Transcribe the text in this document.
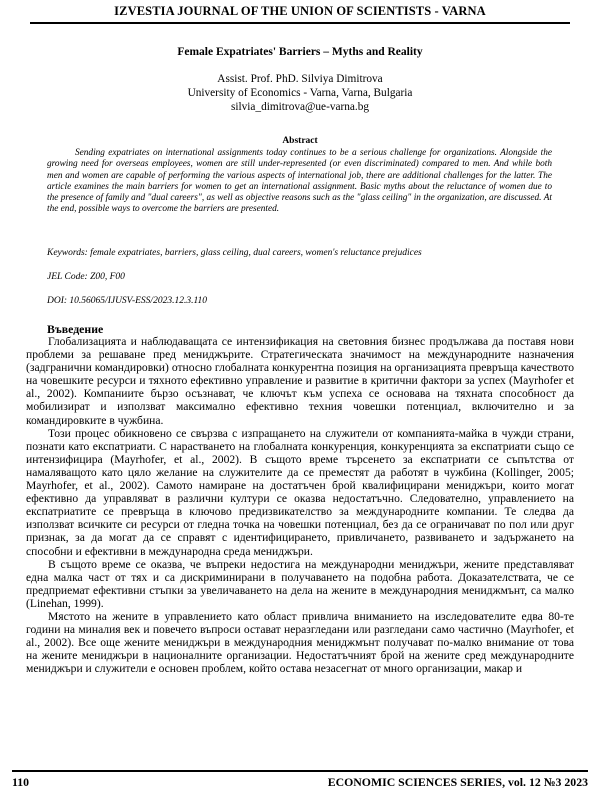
IZVESTIA JOURNAL OF THE UNION OF SCIENTISTS - VARNA
Female Expatriates' Barriers – Myths and Reality
Assist. Prof. PhD. Silviya Dimitrova
University of Economics - Varna, Varna, Bulgaria
silvia_dimitrova@ue-varna.bg
Abstract
Sending expatriates on international assignments today continues to be a serious challenge for organizations. Alongside the growing need for overseas employees, women are still under-represented (or even discriminated) compared to men. And while both men and women are capable of performing the various aspects of international job, there are additional challenges for the latter. The article examines the main barriers for women to get an international assignment. Basic myths about the reluctance of women due to the presence of family and "dual careers", as well as objective reasons such as the "glass ceiling" in the organization, are discussed. At the end, possible ways to overcome the barriers are presented.
Keywords: female expatriates, barriers, glass ceiling, dual careers, women's reluctance prejudices
JEL Code: Z00, F00
DOI: 10.56065/IJUSV-ESS/2023.12.3.110
Въведение

Глобализацията и наблюдаващата се интензификация на световния бизнес продължава да поставя нови проблеми за решаване пред мениджърите. Стратегическата значимост на международните назначения (задгранични командировки) относно глобалната конкурентна позиция на организацията превръща качеството на човешките ресурси и тяхното ефективно управление и развитие в критични фактори за успех (Mayrhofer et al., 2002). Компаниите бързо осъзнават, че ключът към успеха се основава на тяхната способност да мобилизират и използват максимално ефективно техния човешки потенциал, включително и за командировките в чужбина.

Този процес обикновено се свързва с изпращането на служители от компанията-майка в чужди страни, познати като експатриати. С нарастването на глобалната конкуренция, конкуренцията за експатриати също се интензифицира (Mayrhofer, et al., 2002). В същото време търсенето за експатриати се съпътства от намаляващото като цяло желание на служителите да се преместят да работят в чужбина (Kollinger, 2005; Mayrhofer, et al., 2002). Самото намиране на достатъчен брой квалифицирани мениджъри, които могат ефективно да управляват в различни култури се оказва недостатъчно. Следователно, управлението на експатриатите се превръща в ключово предизвикателство за международните компании. Те следва да използват всичките си ресурси от гледна точка на човешки потенциал, без да се ограничават по пол или друг признак, за да могат да се справят с идентифицирането, привличането, развиването и задържането на способни и ефективни в международна среда мениджъри.

В същото време се оказва, че въпреки недостига на международни мениджъри, жените представляват една малка част от тях и са дискриминирани в получаването на подобна работа. Доказателствата, че се предприемат ефективни стъпки за увеличаването на дела на жените в международния мениджмънт, са малко (Linehan, 1999).

Мястото на жените в управлението като област привлича вниманието на изследователите едва 80-те години на миналия век и повечето въпроси остават неразгледани или разгледани само частично (Mayrhofer, et al., 2002). Все още жените мениджъри в международния мениджмънт получават по-малко внимание от това на жените мениджъри в националните организации. Недостатъчният брой на жените сред международните мениджъри и служители е основен проблем, който остава незасегнат от много организации, макар и

110	ECONOMIC SCIENCES SERIES, vol. 12 №3 2023
